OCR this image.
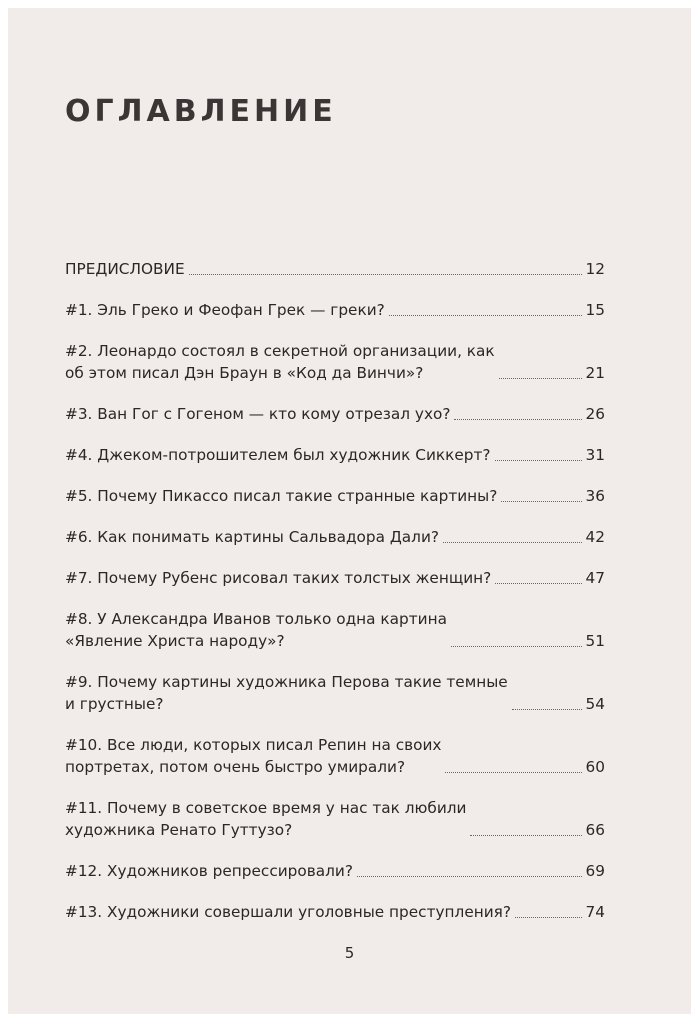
ОГЛАВЛЕНИЕ
ПРЕДИСЛОВИЕ	12
#1. Эль Греко и Феофан Грек — греки?	15
#2. Леонардо состоял в секретной организации, как
об этом писал Дэн Браун в «Код да Винчи»?	21
#3. Ван Гог с Гогеном — кто кому отрезал ухо?	26
#4. Джеком-потрошителем был художник Сиккерт?	31
#5. Почему Пикассо писал такие странные картины?	36
#6. Как понимать картины Сальвадора Дали?	42
#7. Почему Рубенс рисовал таких толстых женщин?	47
#8. У Александра Иванов только одна картина
«Явление Христа народу»?	51
#9. Почему картины художника Перова такие темные
и грустные?	54
#10. Все люди, которых писал Репин на своих
портретах, потом очень быстро умирали?	60
#11. Почему в советское время у нас так любили
художника Ренато Гуттузо?	66
#12. Художников репрессировали?	69
#13. Художники совершали уголовные преступления?	74
5
